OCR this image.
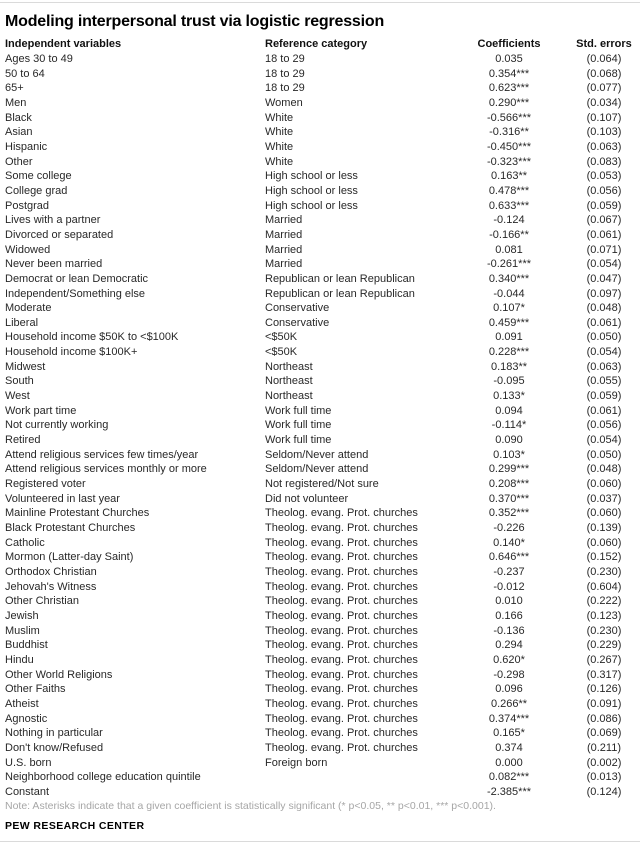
Modeling interpersonal trust via logistic regression
Independent variables	Reference category	Coefficients	Std. errors
Ages 30 to 49	18 to 29	0.035	(0.064)
50 to 64	18 to 29	0.354***	(0.068)
65+	18 to 29	0.623***	(0.077)
Men	Women	0.290***	(0.034)
Black	White	-0.566***	(0.107)
Asian	White	-0.316**	(0.103)
Hispanic	White	-0.450***	(0.063)
Other	White	-0.323***	(0.083)
Some college	High school or less	0.163**	(0.053)
College grad	High school or less	0.478***	(0.056)
Postgrad	High school or less	0.633***	(0.059)
Lives with a partner	Married	-0.124	(0.067)
Divorced or separated	Married	-0.166**	(0.061)
Widowed	Married	0.081	(0.071)
Never been married	Married	-0.261***	(0.054)
Democrat or lean Democratic	Republican or lean Republican	0.340***	(0.047)
Independent/Something else	Republican or lean Republican	-0.044	(0.097)
Moderate	Conservative	0.107*	(0.048)
Liberal	Conservative	0.459***	(0.061)
Household income $50K to <$100K	<$50K	0.091	(0.050)
Household income $100K+	<$50K	0.228***	(0.054)
Midwest	Northeast	0.183**	(0.063)
South	Northeast	-0.095	(0.055)
West	Northeast	0.133*	(0.059)
Work part time	Work full time	0.094	(0.061)
Not currently working	Work full time	-0.114*	(0.056)
Retired	Work full time	0.090	(0.054)
Attend religious services few times/year	Seldom/Never attend	0.103*	(0.050)
Attend religious services monthly or more	Seldom/Never attend	0.299***	(0.048)
Registered voter	Not registered/Not sure	0.208***	(0.060)
Volunteered in last year	Did not volunteer	0.370***	(0.037)
Mainline Protestant Churches	Theolog. evang. Prot. churches	0.352***	(0.060)
Black Protestant Churches	Theolog. evang. Prot. churches	-0.226	(0.139)
Catholic	Theolog. evang. Prot. churches	0.140*	(0.060)
Mormon (Latter-day Saint)	Theolog. evang. Prot. churches	0.646***	(0.152)
Orthodox Christian	Theolog. evang. Prot. churches	-0.237	(0.230)
Jehovah's Witness	Theolog. evang. Prot. churches	-0.012	(0.604)
Other Christian	Theolog. evang. Prot. churches	0.010	(0.222)
Jewish	Theolog. evang. Prot. churches	0.166	(0.123)
Muslim	Theolog. evang. Prot. churches	-0.136	(0.230)
Buddhist	Theolog. evang. Prot. churches	0.294	(0.229)
Hindu	Theolog. evang. Prot. churches	0.620*	(0.267)
Other World Religions	Theolog. evang. Prot. churches	-0.298	(0.317)
Other Faiths	Theolog. evang. Prot. churches	0.096	(0.126)
Atheist	Theolog. evang. Prot. churches	0.266**	(0.091)
Agnostic	Theolog. evang. Prot. churches	0.374***	(0.086)
Nothing in particular	Theolog. evang. Prot. churches	0.165*	(0.069)
Don't know/Refused	Theolog. evang. Prot. churches	0.374	(0.211)
U.S. born	Foreign born	0.000	(0.002)
Neighborhood college education quintile		0.082***	(0.013)
Constant		-2.385***	(0.124)

Note: Asterisks indicate that a given coefficient is statistically significant (* p<0.05, ** p<0.01, *** p<0.001).

PEW RESEARCH CENTER
